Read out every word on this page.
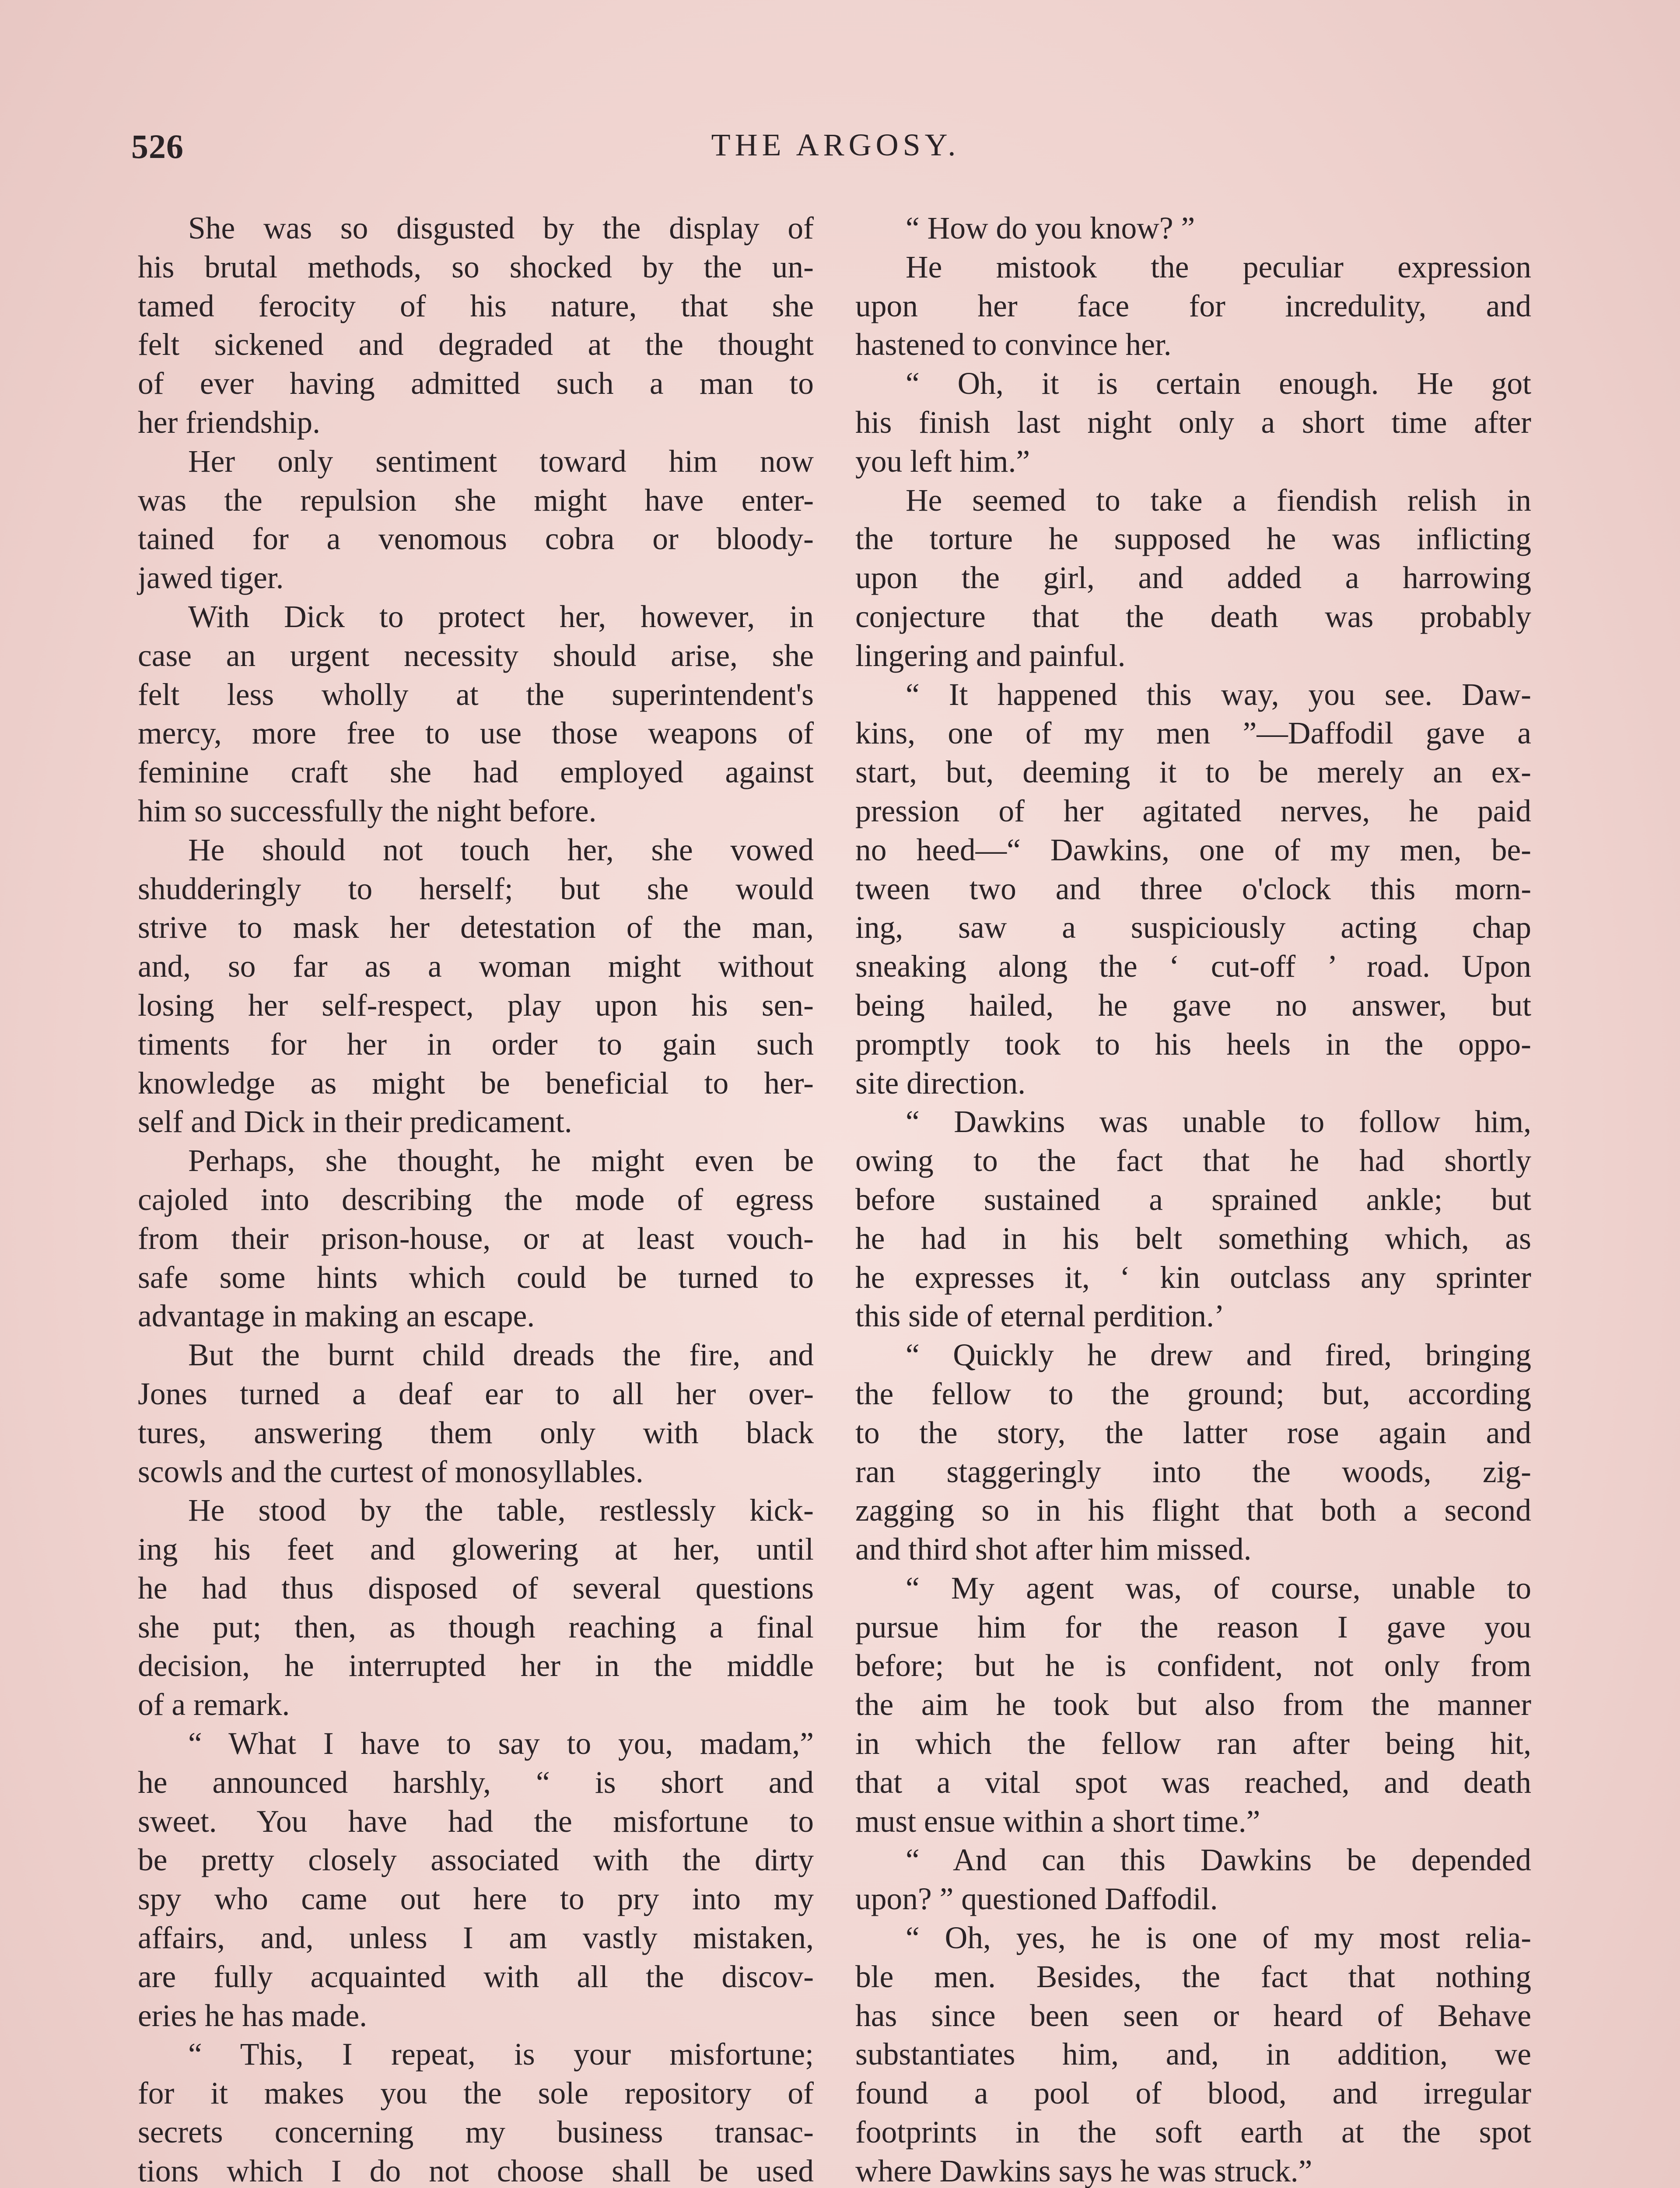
526	THE ARGOSY.
She was so disgusted by the display of
his brutal methods, so shocked by the un-
tamed ferocity of his nature, that she
felt sickened and degraded at the thought
of ever having admitted such a man to
her friendship.
Her only sentiment toward him now
was the repulsion she might have enter-
tained for a venomous cobra or bloody-
jawed tiger.
With Dick to protect her, however, in
case an urgent necessity should arise, she
felt less wholly at the superintendent's
mercy, more free to use those weapons of
feminine craft she had employed against
him so successfully the night before.
He should not touch her, she vowed
shudderingly to herself; but she would
strive to mask her detestation of the man,
and, so far as a woman might without
losing her self-respect, play upon his sen-
timents for her in order to gain such
knowledge as might be beneficial to her-
self and Dick in their predicament.
Perhaps, she thought, he might even be
cajoled into describing the mode of egress
from their prison-house, or at least vouch-
safe some hints which could be turned to
advantage in making an escape.
But the burnt child dreads the fire, and
Jones turned a deaf ear to all her over-
tures, answering them only with black
scowls and the curtest of monosyllables.
He stood by the table, restlessly kick-
ing his feet and glowering at her, until
he had thus disposed of several questions
she put; then, as though reaching a final
decision, he interrupted her in the middle
of a remark.
“ What I have to say to you, madam,”
he announced harshly, “ is short and
sweet. You have had the misfortune to
be pretty closely associated with the dirty
spy who came out here to pry into my
affairs, and, unless I am vastly mistaken,
are fully acquainted with all the discov-
eries he has made.
“ This, I repeat, is your misfortune;
for it makes you the sole repository of
secrets concerning my business transac-
tions which I do not choose shall be used
“ How do you know? ”
He mistook the peculiar expression
upon her face for incredulity, and
hastened to convince her.
“ Oh, it is certain enough. He got
his finish last night only a short time after
you left him.”
He seemed to take a fiendish relish in
the torture he supposed he was inflicting
upon the girl, and added a harrowing
conjecture that the death was probably
lingering and painful.
“ It happened this way, you see. Daw-
kins, one of my men ”—Daffodil gave a
start, but, deeming it to be merely an ex-
pression of her agitated nerves, he paid
no heed—“ Dawkins, one of my men, be-
tween two and three o'clock this morn-
ing, saw a suspiciously acting chap
sneaking along the ‘ cut-off ’ road. Upon
being hailed, he gave no answer, but
promptly took to his heels in the oppo-
site direction.
“ Dawkins was unable to follow him,
owing to the fact that he had shortly
before sustained a sprained ankle; but
he had in his belt something which, as
he expresses it, ‘ kin outclass any sprinter
this side of eternal perdition.’
“ Quickly he drew and fired, bringing
the fellow to the ground; but, according
to the story, the latter rose again and
ran staggeringly into the woods, zig-
zagging so in his flight that both a second
and third shot after him missed.
“ My agent was, of course, unable to
pursue him for the reason I gave you
before; but he is confident, not only from
the aim he took but also from the manner
in which the fellow ran after being hit,
that a vital spot was reached, and death
must ensue within a short time.”
“ And can this Dawkins be depended
upon? ” questioned Daffodil.
“ Oh, yes, he is one of my most relia-
ble men. Besides, the fact that nothing
has since been seen or heard of Behave
substantiates him, and, in addition, we
found a pool of blood, and irregular
footprints in the soft earth at the spot
where Dawkins says he was struck.”
